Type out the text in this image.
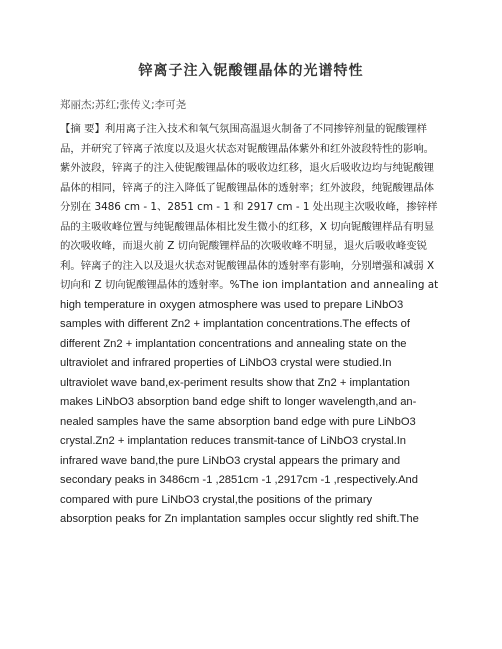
锌离子注入铌酸锂晶体的光谱特性
郑丽杰;苏红;张传义;李可尧
【摘 要】利用离子注入技术和氧气氛围高温退火制备了不同掺锌剂量的铌酸锂样
品，并研究了锌离子浓度以及退火状态对铌酸锂晶体紫外和红外波段特性的影响。
紫外波段，锌离子的注入使铌酸锂晶体的吸收边红移，退火后吸收边均与纯铌酸锂
晶体的相同，锌离子的注入降低了铌酸锂晶体的透射率；红外波段，纯铌酸锂晶体
分别在 3486 cm - 1、2851 cm - 1 和 2917 cm - 1 处出现主次吸收峰，掺锌样
品的主吸收峰位置与纯铌酸锂晶体相比发生微小的红移，X 切向铌酸锂样品有明显
的次吸收峰，而退火前 Z 切向铌酸锂样品的次吸收峰不明显，退火后吸收峰变锐
利。锌离子的注入以及退火状态对铌酸锂晶体的透射率有影响，分别增强和减弱 X
切向和 Z 切向铌酸锂晶体的透射率。%The ion implantation and annealing at
high temperature in oxygen atmosphere was used to prepare LiNbO3
samples with different Zn2 + implantation concentrations.The effects of
different Zn2 + implantation concentrations and annealing state on the
ultraviolet and infrared properties of LiNbO3 crystal were studied.In
ultraviolet wave band,ex-periment results show that Zn2 + implantation
makes LiNbO3 absorption band edge shift to longer wavelength,and an-
nealed samples have the same absorption band edge with pure LiNbO3
crystal.Zn2 + implantation reduces transmit-tance of LiNbO3 crystal.In
infrared wave band,the pure LiNbO3 crystal appears the primary and
secondary peaks in 3486cm -1 ,2851cm -1 ,2917cm -1 ,respectively.And
compared with pure LiNbO3 crystal,the positions of the primary
absorption peaks for Zn implantation samples occur slightly red shift.The
